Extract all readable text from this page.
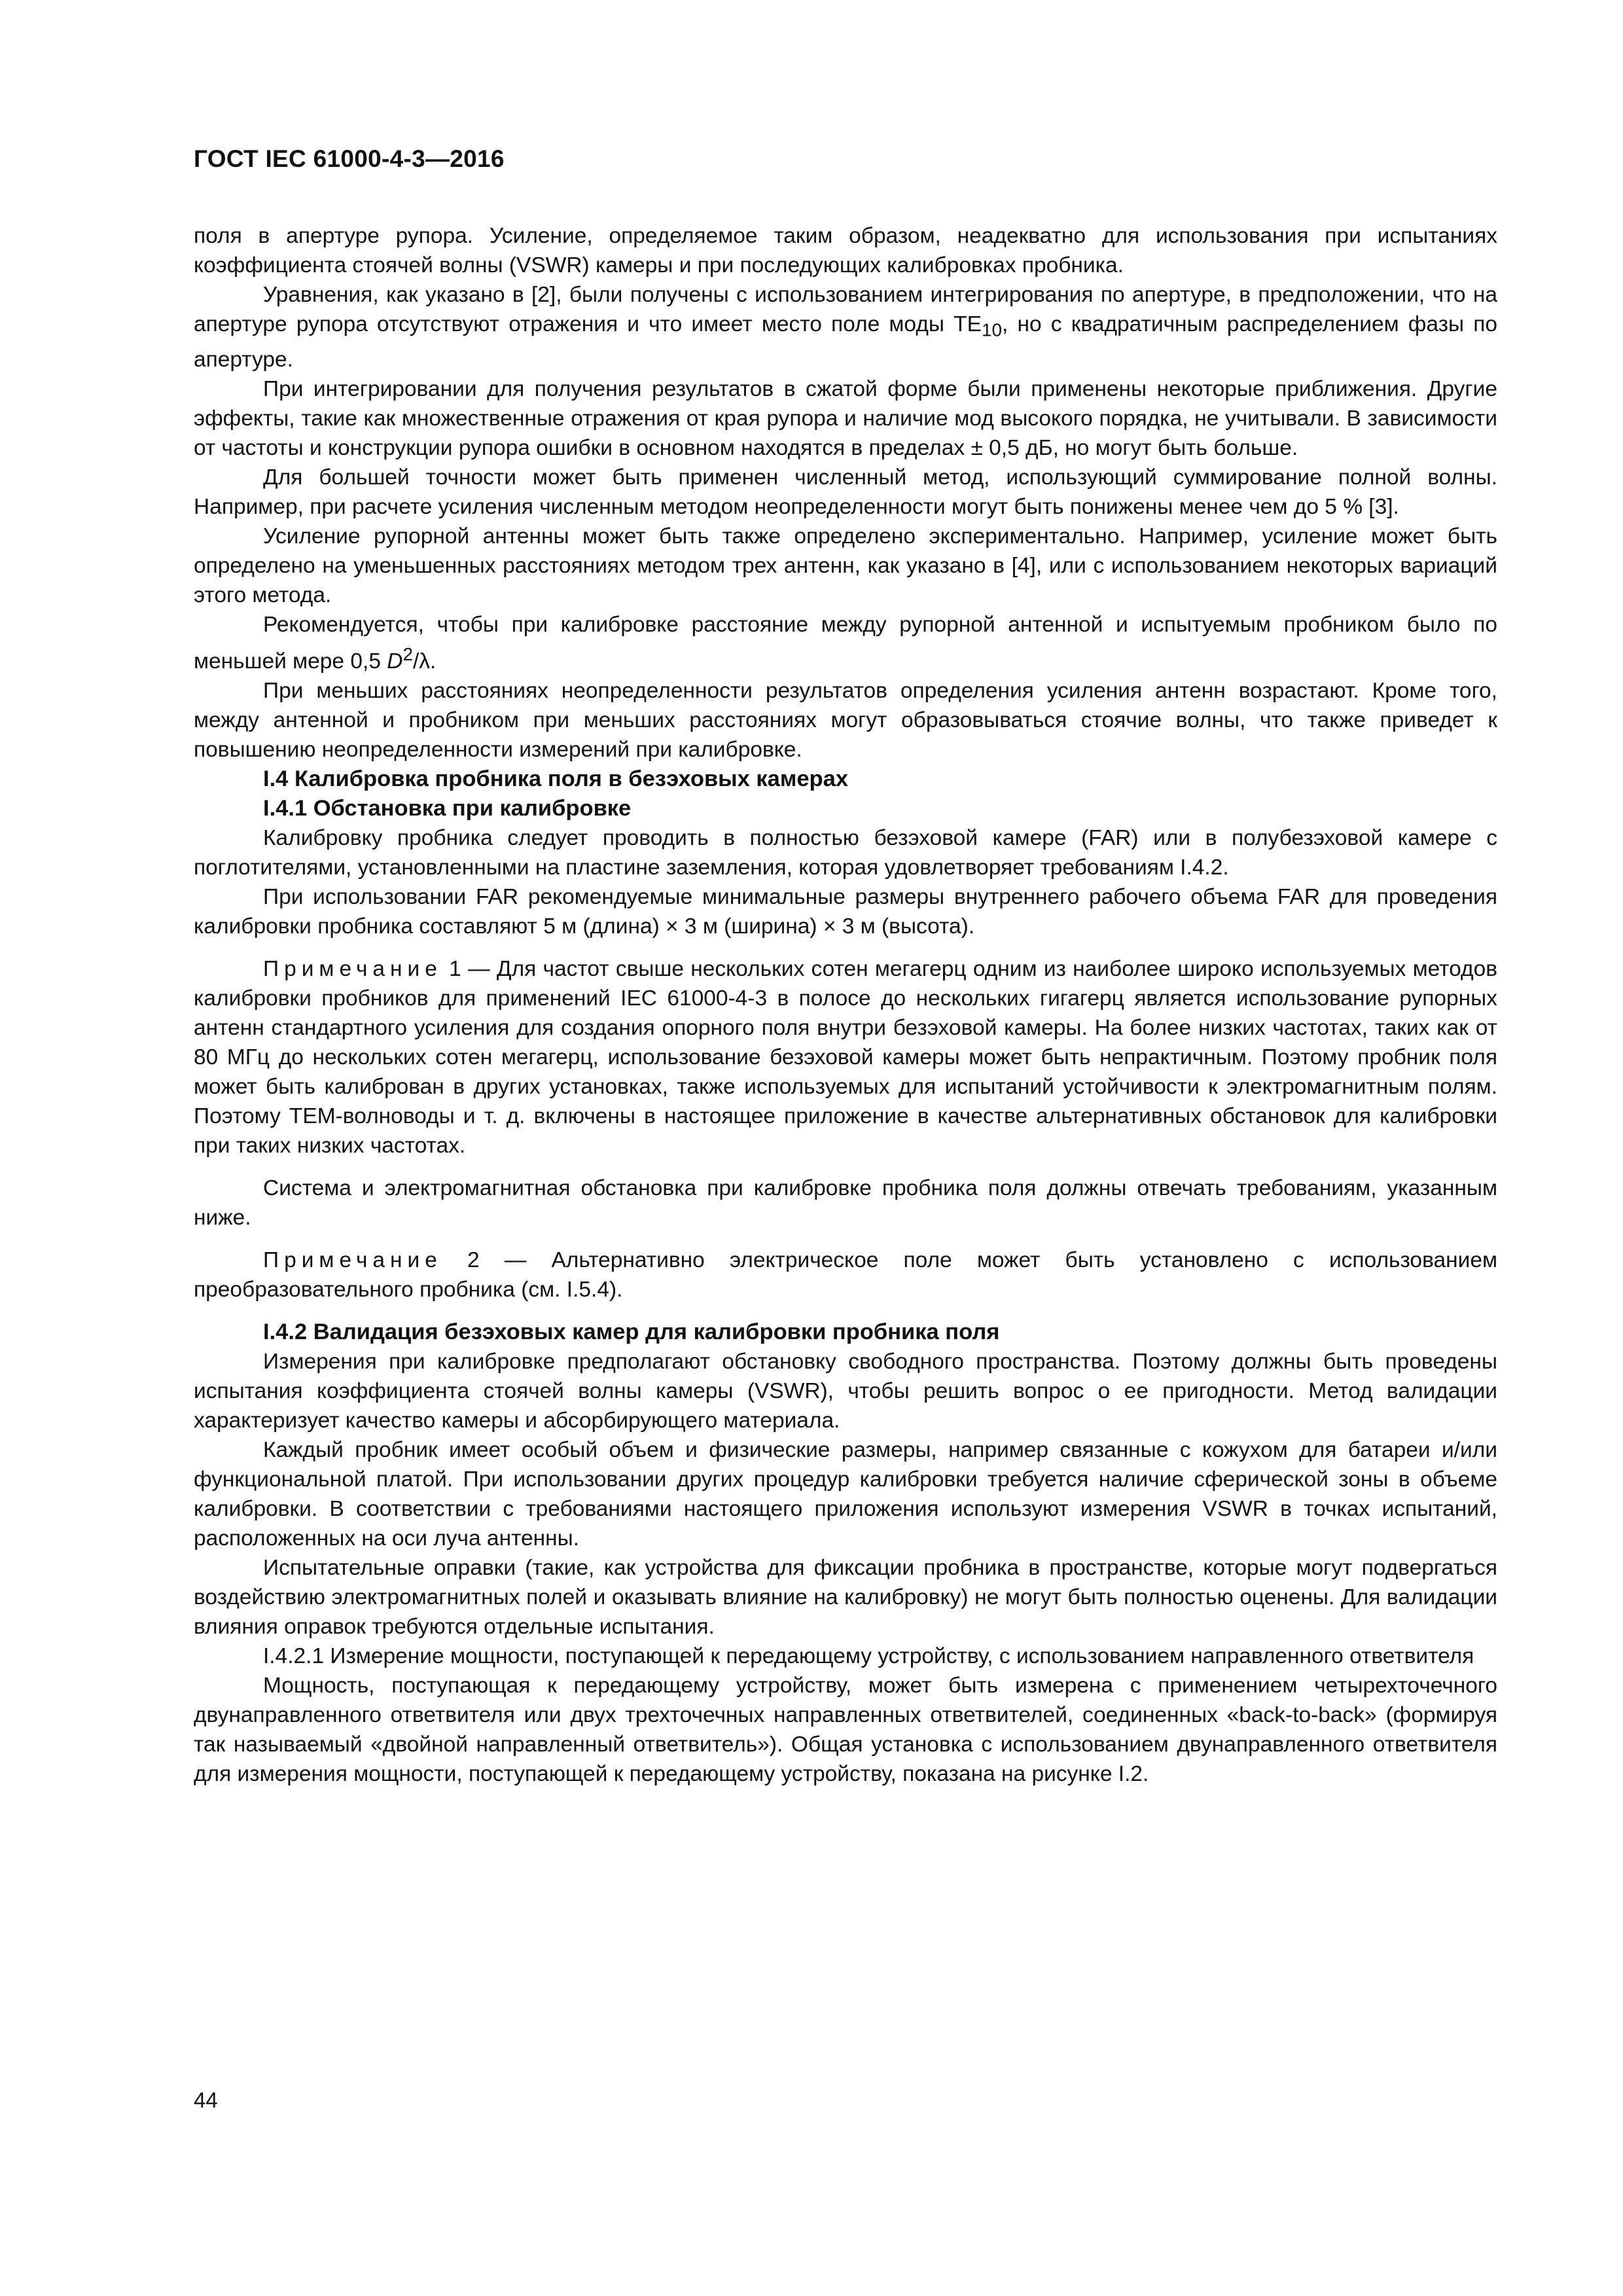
ГОСТ IEC 61000-4-3—2016

поля в апертуре рупора. Усиление, определяемое таким образом, неадекватно для использования при испытаниях коэффициента стоячей волны (VSWR) камеры и при последующих калибровках пробника.

Уравнения, как указано в [2], были получены с использованием интегрирования по апертуре, в предположении, что на апертуре рупора отсутствуют отражения и что имеет место поле моды $TE_{10}$, но с квадратичным распределением фазы по апертуре.

При интегрировании для получения результатов в сжатой форме были применены некоторые приближения. Другие эффекты, такие как множественные отражения от края рупора и наличие мод высокого порядка, не учитывали. В зависимости от частоты и конструкции рупора ошибки в основном находятся в пределах ± 0,5 дБ, но могут быть больше.

Для большей точности может быть применен численный метод, использующий суммирование полной волны. Например, при расчете усиления численным методом неопределенности могут быть понижены менее чем до 5 % [3].

Усиление рупорной антенны может быть также определено экспериментально. Например, усиление может быть определено на уменьшенных расстояниях методом трех антенн, как указано в [4], или с использованием некоторых вариаций этого метода.

Рекомендуется, чтобы при калибровке расстояние между рупорной антенной и испытуемым пробником было по меньшей мере 0,5 $D^2/\lambda$.

При меньших расстояниях неопределенности результатов определения усиления антенн возрастают. Кроме того, между антенной и пробником при меньших расстояниях могут образовываться стоячие волны, что также приведет к повышению неопределенности измерений при калибровке.

I.4 Калибровка пробника поля в безэховых камерах
I.4.1 Обстановка при калибровке

Калибровку пробника следует проводить в полностью безэховой камере (FAR) или в полубезэховой камере с поглотителями, установленными на пластине заземления, которая удовлетворяет требованиям I.4.2.

При использовании FAR рекомендуемые минимальные размеры внутреннего рабочего объема FAR для проведения калибровки пробника составляют 5 м (длина) × 3 м (ширина) × 3 м (высота).

Примечание 1 — Для частот свыше нескольких сотен мегагерц одним из наиболее широко используемых методов калибровки пробников для применений IEC 61000-4-3 в полосе до нескольких гигагерц является использование рупорных антенн стандартного усиления для создания опорного поля внутри безэховой камеры. На более низких частотах, таких как от 80 МГц до нескольких сотен мегагерц, использование безэховой камеры может быть непрактичным. Поэтому пробник поля может быть калиброван в других установках, также используемых для испытаний устойчивости к электромагнитным полям. Поэтому ТЕМ-волноводы и т. д. включены в настоящее приложение в качестве альтернативных обстановок для калибровки при таких низких частотах.

Система и электромагнитная обстановка при калибровке пробника поля должны отвечать требованиям, указанным ниже.

Примечание 2 — Альтернативно электрическое поле может быть установлено с использованием преобразовательного пробника (см. I.5.4).

I.4.2 Валидация безэховых камер для калибровки пробника поля

Измерения при калибровке предполагают обстановку свободного пространства. Поэтому должны быть проведены испытания коэффициента стоячей волны камеры (VSWR), чтобы решить вопрос о ее пригодности. Метод валидации характеризует качество камеры и абсорбирующего материала.

Каждый пробник имеет особый объем и физические размеры, например связанные с кожухом для батареи и/или функциональной платой. При использовании других процедур калибровки требуется наличие сферической зоны в объеме калибровки. В соответствии с требованиями настоящего приложения используют измерения VSWR в точках испытаний, расположенных на оси луча антенны.

Испытательные оправки (такие, как устройства для фиксации пробника в пространстве, которые могут подвергаться воздействию электромагнитных полей и оказывать влияние на калибровку) не могут быть полностью оценены. Для валидации влияния оправок требуются отдельные испытания.

I.4.2.1 Измерение мощности, поступающей к передающему устройству, с использованием направленного ответвителя

Мощность, поступающая к передающему устройству, может быть измерена с применением четырехточечного двунаправленного ответвителя или двух трехточечных направленных ответвителей, соединенных «back-to-back» (формируя так называемый «двойной направленный ответвитель»). Общая установка с использованием двунаправленного ответвителя для измерения мощности, поступающей к передающему устройству, показана на рисунке I.2.

44
